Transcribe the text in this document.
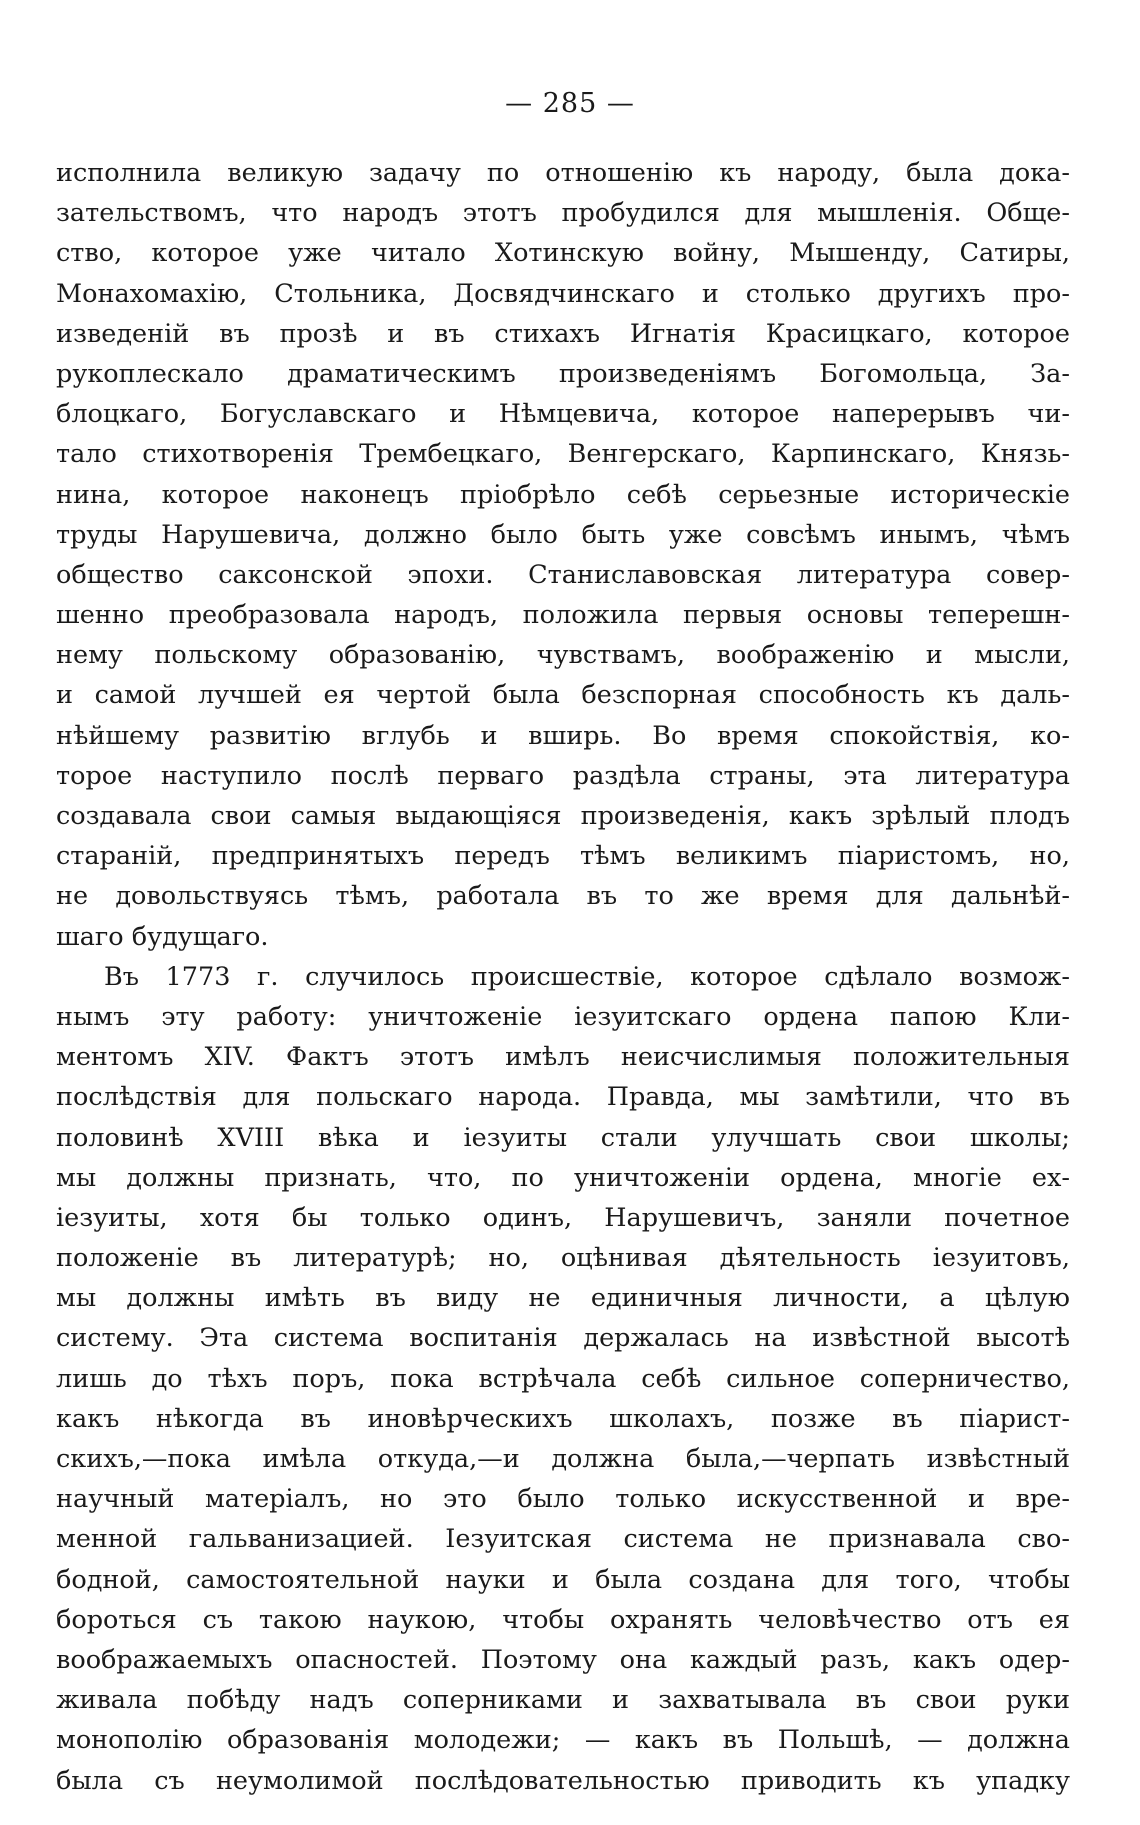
— 285 —
исполнила великую задачу по отношенію къ народу, была дока-
зательствомъ, что народъ этотъ пробудился для мышленія. Обще-
ство, которое уже читало Хотинскую войну, Мышенду, Сатиры,
Монахомахію, Стольника, Досвядчинскаго и столько другихъ про-
изведеній въ прозѣ и въ стихахъ Игнатія Красицкаго, которое
рукоплескало драматическимъ произведеніямъ Богомольца, За-
блоцкаго, Богуславскаго и Нѣмцевича, которое наперерывъ чи-
тало стихотворенія Трембецкаго, Венгерскаго, Карпинскаго, Князь-
нина, которое наконецъ пріобрѣло себѣ серьезные историческіе
труды Нарушевича, должно было быть уже совсѣмъ инымъ, чѣмъ
общество саксонской эпохи. Станиславовская литература совер-
шенно преобразовала народъ, положила первыя основы теперешн-
нему польскому образованію, чувствамъ, воображенію и мысли,
и самой лучшей ея чертой была безспорная способность къ даль-
нѣйшему развитію вглубь и вширь. Во время спокойствія, ко-
торое наступило послѣ перваго раздѣла страны, эта литература
создавала свои самыя выдающіяся произведенія, какъ зрѣлый плодъ
стараній, предпринятыхъ передъ тѣмъ великимъ піаристомъ, но,
не довольствуясь тѣмъ, работала въ то же время для дальнѣй-
шаго будущаго.
Въ 1773 г. случилось происшествіе, которое сдѣлало возмож-
нымъ эту работу: уничтоженіе іезуитскаго ордена папою Кли-
ментомъ XIV. Фактъ этотъ имѣлъ неисчислимыя положительныя
послѣдствія для польскаго народа. Правда, мы замѣтили, что въ
половинѣ XVIII вѣка и іезуиты стали улучшать свои школы;
мы должны признать, что, по уничтоженіи ордена, многіе ех-
іезуиты, хотя бы только одинъ, Нарушевичъ, заняли почетное
положеніе въ литературѣ; но, оцѣнивая дѣятельность іезуитовъ,
мы должны имѣть въ виду не единичныя личности, а цѣлую
систему. Эта система воспитанія держалась на извѣстной высотѣ
лишь до тѣхъ поръ, пока встрѣчала себѣ сильное соперничество,
какъ нѣкогда въ иновѣрческихъ школахъ, позже въ піарист-
скихъ,—пока имѣла откуда,—и должна была,—черпать извѣстный
научный матеріалъ, но это было только искусственной и вре-
менной гальванизацией. Іезуитская система не признавала сво-
бодной, самостоятельной науки и была создана для того, чтобы
бороться съ такою наукою, чтобы охранять человѣчество отъ ея
воображаемыхъ опасностей. Поэтому она каждый разъ, какъ одер-
живала побѣду надъ соперниками и захватывала въ свои руки
монополію образованія молодежи; — какъ въ Польшѣ, — должна
была съ неумолимой послѣдовательностью приводить къ упадку
